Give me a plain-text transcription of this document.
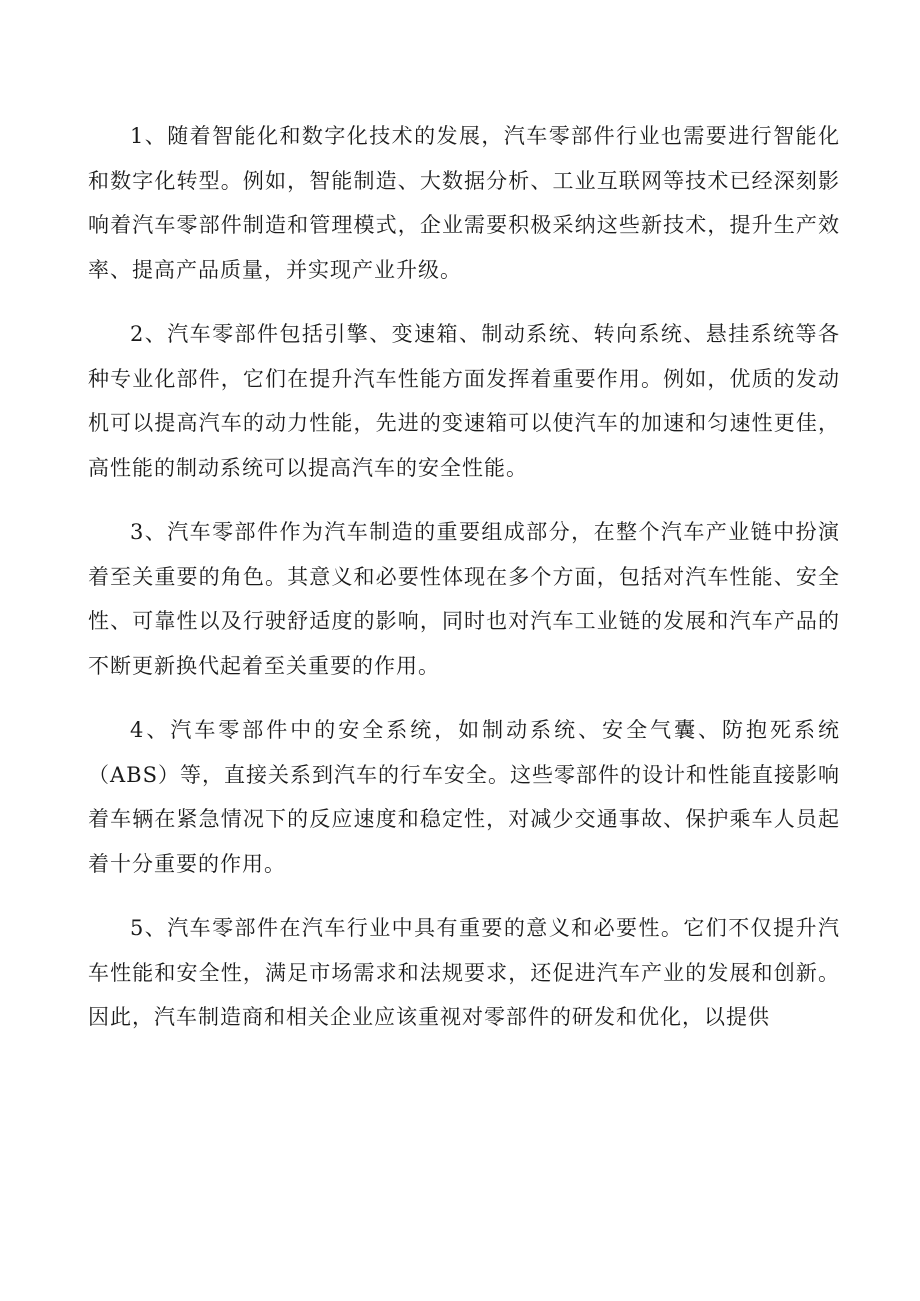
1、随着智能化和数字化技术的发展，汽车零部件行业也需要进行智能化和数字化转型。例如，智能制造、大数据分析、工业互联网等技术已经深刻影响着汽车零部件制造和管理模式，企业需要积极采纳这些新技术，提升生产效率、提高产品质量，并实现产业升级。

2、汽车零部件包括引擎、变速箱、制动系统、转向系统、悬挂系统等各种专业化部件，它们在提升汽车性能方面发挥着重要作用。例如，优质的发动机可以提高汽车的动力性能，先进的变速箱可以使汽车的加速和匀速性更佳，高性能的制动系统可以提高汽车的安全性能。

3、汽车零部件作为汽车制造的重要组成部分，在整个汽车产业链中扮演着至关重要的角色。其意义和必要性体现在多个方面，包括对汽车性能、安全性、可靠性以及行驶舒适度的影响，同时也对汽车工业链的发展和汽车产品的不断更新换代起着至关重要的作用。

4、汽车零部件中的安全系统，如制动系统、安全气囊、防抱死系统（ABS）等，直接关系到汽车的行车安全。这些零部件的设计和性能直接影响着车辆在紧急情况下的反应速度和稳定性，对减少交通事故、保护乘车人员起着十分重要的作用。

5、汽车零部件在汽车行业中具有重要的意义和必要性。它们不仅提升汽车性能和安全性，满足市场需求和法规要求，还促进汽车产业的发展和创新。因此，汽车制造商和相关企业应该重视对零部件的研发和优化，以提供
